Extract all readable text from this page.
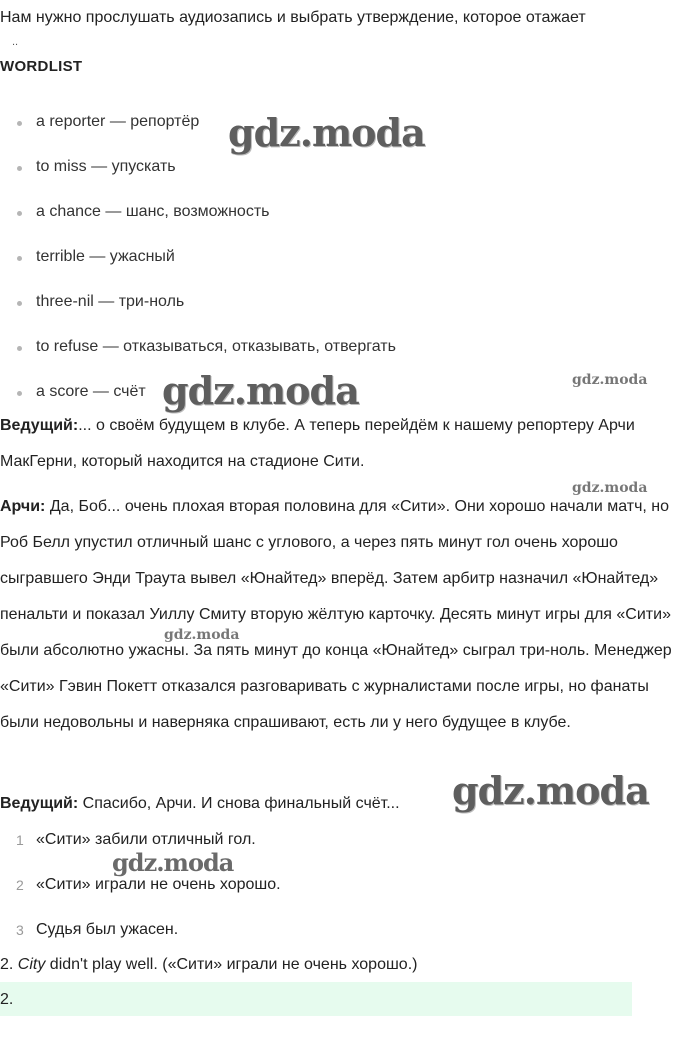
Нам нужно прослушать аудиозапись и выбрать утверждение, которое отажает
..
WORDLIST
a reporter — репортёр
to miss — упускать
a chance — шанс, возможность
terrible — ужасный
three-nil — три-ноль
to refuse — отказываться, отказывать, отвергать
a score — счёт
Ведущий:... о своём будущем в клубе. А теперь перейдём к нашему репортеру Арчи МакГерни, который находится на стадионе Сити.
Арчи: Да, Боб... очень плохая вторая половина для «Сити». Они хорошо начали матч, но Роб Белл упустил отличный шанс с углового, а через пять минут гол очень хорошо сыгравшего Энди Траута вывел «Юнайтед» вперёд. Затем арбитр назначил «Юнайтед» пенальти и показал Уиллу Смиту вторую жёлтую карточку. Десять минут игры для «Сити» были абсолютно ужасны. За пять минут до конца «Юнайтед» сыграл три-ноль. Менеджер «Сити» Гэвин Покетт отказался разговаривать с журналистами после игры, но фанаты были недовольны и наверняка спрашивают, есть ли у него будущее в клубе.
Ведущий: Спасибо, Арчи. И снова финальный счёт...
1 «Сити» забили отличный гол.
2 «Сити» играли не очень хорошо.
3 Судья был ужасен.
2. City didn't play well. («Сити» играли не очень хорошо.)
2.
gdz.moda
gdz.moda	gdz.moda
gdz.moda
gdz.moda
gdz.moda
gdz.moda
